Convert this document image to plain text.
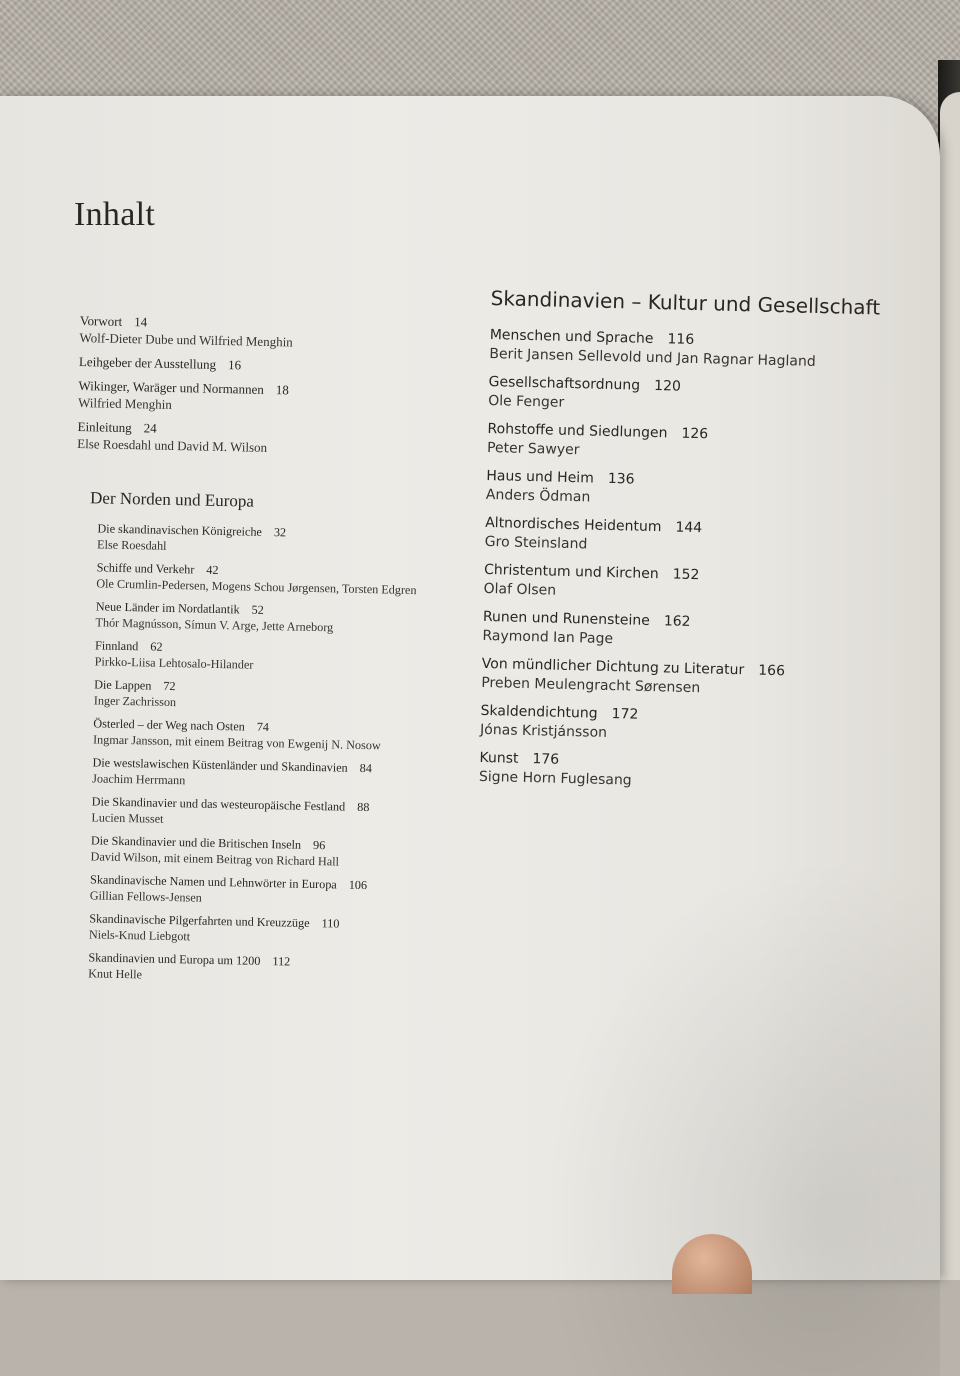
Inhalt
Vorwort 14
Wolf-Dieter Dube und Wilfried Menghin
Leihgeber der Ausstellung 16
Wikinger, Waräger und Normannen 18
Wilfried Menghin
Einleitung 24
Else Roesdahl und David M. Wilson
Der Norden und Europa
Die skandinavischen Königreiche 32
Else Roesdahl
Schiffe und Verkehr 42
Ole Crumlin-Pedersen, Mogens Schou Jørgensen, Torsten Edgren
Neue Länder im Nordatlantik 52
Thór Magnússon, Símun V. Arge, Jette Arneborg
Finnland 62
Pirkko-Liisa Lehtosalo-Hilander
Die Lappen 72
Inger Zachrisson
Österled – der Weg nach Osten 74
Ingmar Jansson, mit einem Beitrag von Ewgenij N. Nosow
Die westslawischen Küstenländer und Skandinavien 84
Joachim Herrmann
Die Skandinavier und das westeuropäische Festland 88
Lucien Musset
Die Skandinavier und die Britischen Inseln 96
David Wilson, mit einem Beitrag von Richard Hall
Skandinavische Namen und Lehnwörter in Europa 106
Gillian Fellows-Jensen
Skandinavische Pilgerfahrten und Kreuzzüge 110
Niels-Knud Liebgott
Skandinavien und Europa um 1200 112
Knut Helle
Skandinavien – Kultur und Gesellschaft
Menschen und Sprache 116
Berit Jansen Sellevold und Jan Ragnar Hagland
Gesellschaftsordnung 120
Ole Fenger
Rohstoffe und Siedlungen 126
Peter Sawyer
Haus und Heim 136
Anders Ödman
Altnordisches Heidentum 144
Gro Steinsland
Christentum und Kirchen 152
Olaf Olsen
Runen und Runensteine 162
Raymond Ian Page
Von mündlicher Dichtung zu Literatur 166
Preben Meulengracht Sørensen
Skaldendichtung 172
Jónas Kristjánsson
Kunst 176
Signe Horn Fuglesang
